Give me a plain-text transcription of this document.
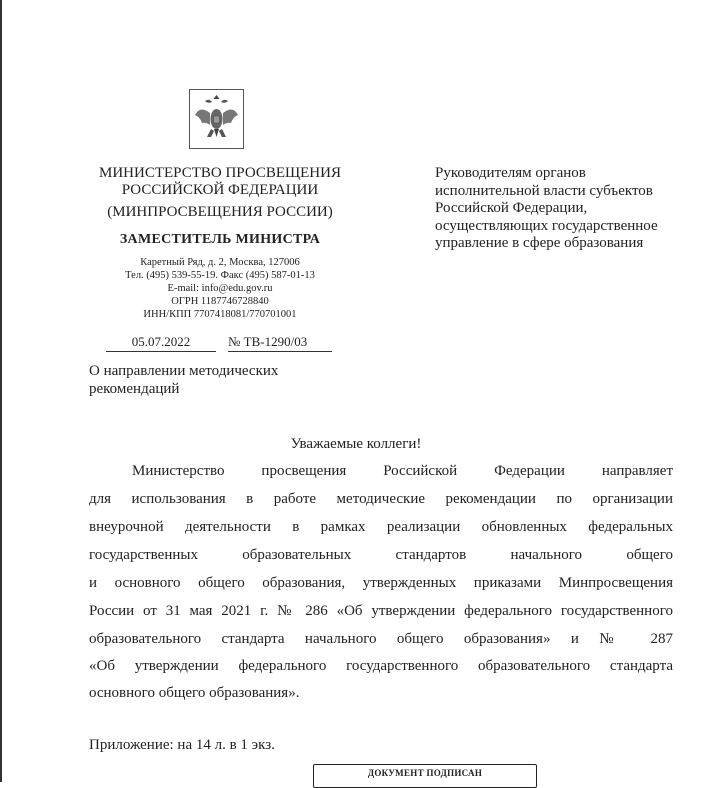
МИНИСТЕРСТВО ПРОСВЕЩЕНИЯ
РОССИЙСКОЙ ФЕДЕРАЦИИ
(МИНПРОСВЕЩЕНИЯ РОССИИ)
ЗАМЕСТИТЕЛЬ МИНИСТРА
Каретный Ряд, д. 2, Москва, 127006
Тел. (495) 539-55-19. Факс (495) 587-01-13
E-mail: info@edu.gov.ru
ОГРН 1187746728840
ИНН/КПП 7707418081/770701001
05.07.2022	№ ТВ-1290/03
Руководителям органов
исполнительной власти субъектов
Российской Федерации,
осуществляющих государственное
управление в сфере образования
О направлении методических
рекомендаций
Уважаемые коллеги!
Министерство просвещения Российской Федерации направляет
для использования в работе методические рекомендации по организации
внеурочной деятельности в рамках реализации обновленных федеральных
государственных образовательных стандартов начального общего
и основного общего образования, утвержденных приказами Минпросвещения
России от 31 мая 2021 г. № 286 «Об утверждении федерального государственного
образовательного стандарта начального общего образования» и № 287
«Об утверждении федерального государственного образовательного стандарта
основного общего образования».
Приложение: на 14 л. в 1 экз.
ДОКУМЕНТ ПОДПИСАН
